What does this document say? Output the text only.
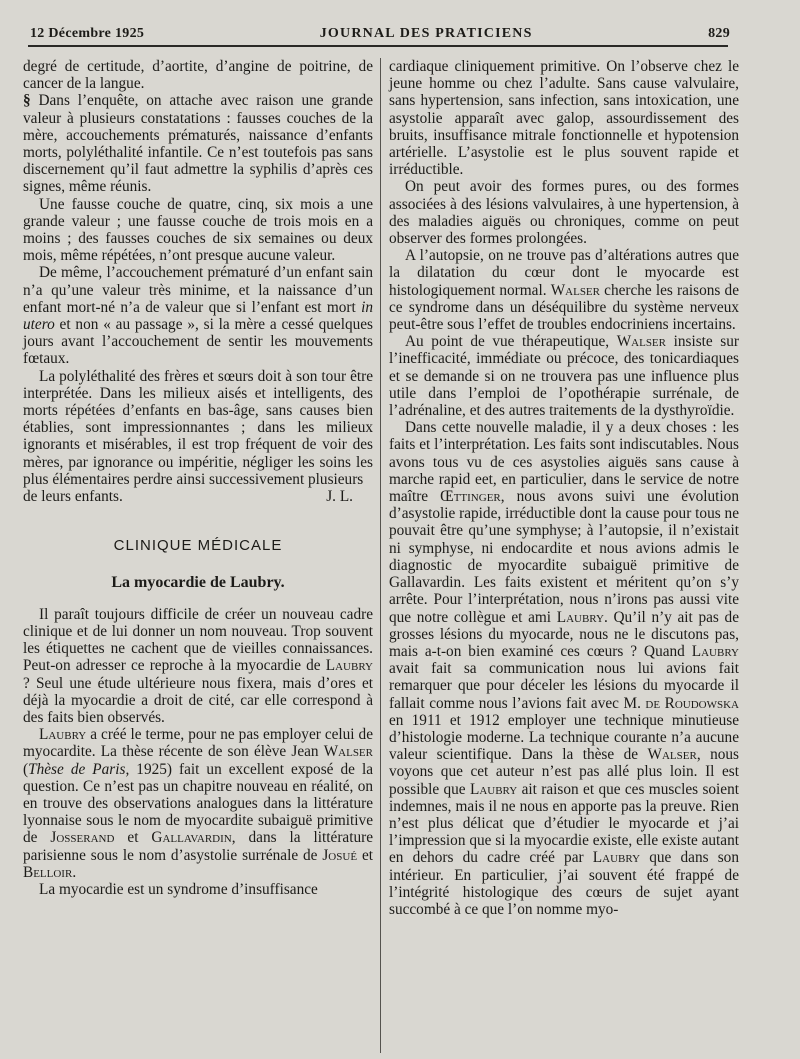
12 Décembre 1925	JOURNAL DES PRATICIENS	829

degré de certitude, d’aortite, d’angine de poitrine, de cancer de la langue.

§ Dans l’enquête, on attache avec raison une grande valeur à plusieurs constatations : fausses couches de la mère, accouchements prématurés, naissance d’enfants morts, polyléthalité infantile. Ce n’est toutefois pas sans discernement qu’il faut admettre la syphilis d’après ces signes, même réunis.

Une fausse couche de quatre, cinq, six mois a une grande valeur ; une fausse couche de trois mois en a moins ; des fausses couches de six semaines ou deux mois, même répétées, n’ont presque aucune valeur.

De même, l’accouchement prématuré d’un enfant sain n’a qu’une valeur très minime, et la naissance d’un enfant mort-né n’a de valeur que si l’enfant est mort in utero et non « au passage », si la mère a cessé quelques jours avant l’accouchement de sentir les mouvements fœtaux.

La polyléthalité des frères et sœurs doit à son tour être interprétée. Dans les milieux aisés et intelligents, des morts répétées d’enfants en bas-âge, sans causes bien établies, sont impressionnantes ; dans les milieux ignorants et misérables, il est trop fréquent de voir des mères, par ignorance ou impéritie, négliger les soins les plus élémentaires perdre ainsi successivement plusieurs

de leurs enfants.	J. L.
CLINIQUE MÉDICALE
La myocardie de Laubry.

Il paraît toujours difficile de créer un nouveau cadre clinique et de lui donner un nom nouveau. Trop souvent les étiquettes ne cachent que de vieilles connaissances. Peut-on adresser ce reproche à la myocardie de Laubry ? Seul une étude ultérieure nous fixera, mais d’ores et déjà la myocardie a droit de cité, car elle correspond à des faits bien observés.

Laubry a créé le terme, pour ne pas employer celui de myocardite. La thèse récente de son élève Jean Walser (Thèse de Paris, 1925) fait un excellent exposé de la question. Ce n’est pas un chapitre nouveau en réalité, on en trouve des observations analogues dans la littérature lyonnaise sous le nom de myocardite subaiguë primitive de Josserand et Gallavardin, dans la littérature parisienne sous le nom d’asystolie surrénale de Josué et Belloir.

La myocardie est un syndrome d’insuffisance

cardiaque cliniquement primitive. On l’observe chez le jeune homme ou chez l’adulte. Sans cause valvulaire, sans hypertension, sans infection, sans intoxication, une asystolie apparaît avec galop, assourdissement des bruits, insuffisance mitrale fonctionnelle et hypotension artérielle. L’asystolie est le plus souvent rapide et irréductible.

On peut avoir des formes pures, ou des formes associées à des lésions valvulaires, à une hypertension, à des maladies aiguës ou chroniques, comme on peut observer des formes prolongées.

A l’autopsie, on ne trouve pas d’altérations autres que la dilatation du cœur dont le myocarde est histologiquement normal. Walser cherche les raisons de ce syndrome dans un déséquilibre du système nerveux peut-être sous l’effet de troubles endocriniens incertains.

Au point de vue thérapeutique, Walser insiste sur l’inefficacité, immédiate ou précoce, des tonicardiaques et se demande si on ne trouvera pas une influence plus utile dans l’emploi de l’opothérapie surrénale, de l’adrénaline, et des autres traitements de la dysthyroïdie.

Dans cette nouvelle maladie, il y a deux choses : les faits et l’interprétation. Les faits sont indiscutables. Nous avons tous vu de ces asystolies aiguës sans cause à marche rapid eet, en particulier, dans le service de notre maître Œttinger, nous avons suivi une évolution d’asystolie rapide, irréductible dont la cause pour tous ne pouvait être qu’une symphyse; à l’autopsie, il n’existait ni symphyse, ni endocardite et nous avions admis le diagnostic de myocardite subaiguë primitive de Gallavardin. Les faits existent et méritent qu’on s’y arrête. Pour l’interprétation, nous n’irons pas aussi vite que notre collègue et ami Laubry. Qu’il n’y ait pas de grosses lésions du myocarde, nous ne le discutons pas, mais a-t-on bien examiné ces cœurs ? Quand Laubry avait fait sa communication nous lui avions fait remarquer que pour déceler les lésions du myocarde il fallait comme nous l’avions fait avec M. de Roudowska en 1911 et 1912 employer une technique minutieuse d’histologie moderne. La technique courante n’a aucune valeur scientifique. Dans la thèse de Walser, nous voyons que cet auteur n’est pas allé plus loin. Il est possible que Laubry ait raison et que ces muscles soient indemnes, mais il ne nous en apporte pas la preuve. Rien n’est plus délicat que d’étudier le myocarde et j’ai l’impression que si la myocardie existe, elle existe autant en dehors du cadre créé par Laubry que dans son intérieur. En particulier, j’ai souvent été frappé de l’intégrité histologique des cœurs de sujet ayant succombé à ce que l’on nomme myo-
